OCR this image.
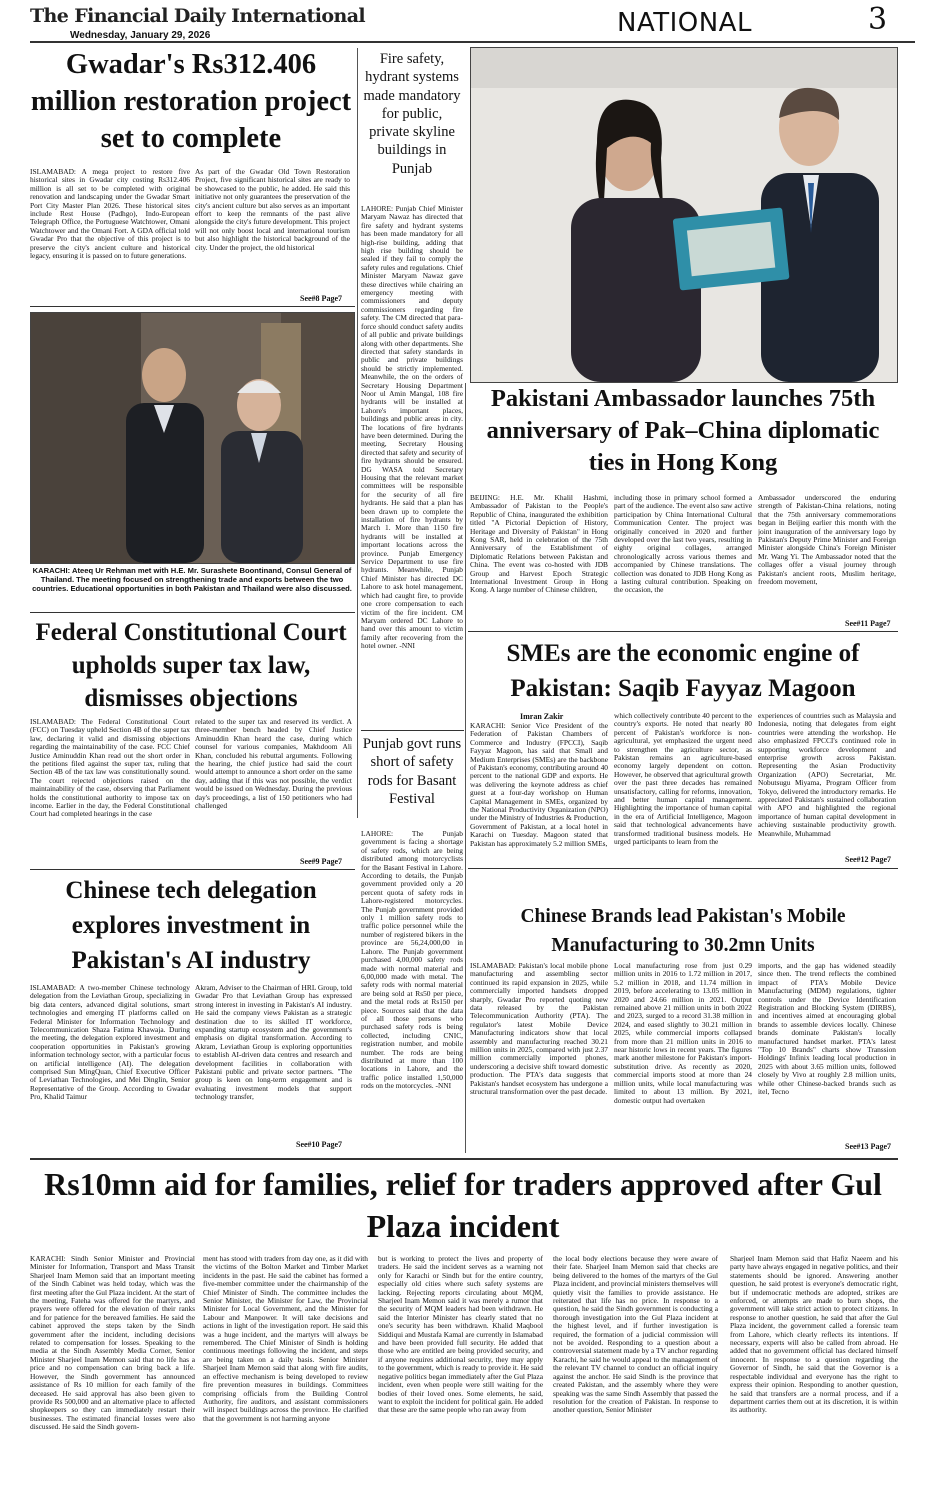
The Financial Daily International
Wednesday, January 29, 2026	NATIONAL	3
Gwadar's Rs312.406 million restoration project set to complete
ISLAMABAD: A mega project to restore five historical sites in Gwadar city costing Rs312.406 million is all set to be completed with original renovation and landscaping under the Gwadar Smart Port City Master Plan 2026. These historical sites include Rest House (Padhgo), Indo-European Telegraph Office, the Portuguese Watchtower, Omani Watchtower and the Omani Fort. A GDA official told Gwadar Pro that the objective of this project is to preserve the city's ancient culture and historical legacy, ensuring it is passed on to future generations.
As part of the Gwadar Old Town Restoration Project, five significant historical sites are ready to be showcased to the public, he added. He said this initiative not only guarantees the preservation of the city's ancient culture but also serves as an important effort to keep the remnants of the past alive alongside the city's future development. This project will not only boost local and international tourism but also highlight the historical background of the city. Under the project, the old historical
See#8 Page7
KARACHI: Ateeq Ur Rehman met with H.E. Mr. Surashete Boontinand, Consul General of Thailand. The meeting focused on strengthening trade and exports between the two countries. Educational opportunities in both Pakistan and Thailand were also discussed.
Fire safety, hydrant systems made mandatory for public, private skyline buildings in Punjab
LAHORE: Punjab Chief Minister Maryam Nawaz has directed that fire safety and hydrant systems has been made mandatory for all high-rise building, adding that high rise building should be sealed if they fail to comply the safety rules and regulations. Chief Minister Maryam Nawaz gave these directives while chairing an emergency meeting with commissioners and deputy commissioners regarding fire safety. The CM directed that para-force should conduct safety audits of all public and private buildings along with other departments. She directed that safety standards in public and private buildings should be strictly implemented. Meanwhile, the on the orders of Secretary Housing Department Noor ul Amin Mangal, 108 fire hydrants will be installed at Lahore's important places, buildings and public areas in city. The locations of fire hydrants have been determined. During the meeting, Secretary Housing directed that safety and security of fire hydrants should be ensured. DG WASA told Secretary Housing that the relevant market committees will be responsible for the security of all fire hydrants. He said that a plan has been drawn up to complete the installation of fire hydrants by March 1. More than 1150 fire hydrants will be installed at important locations across the province. Punjab Emergency Service Department to use fire hydrants. Meanwhile, Punjab Chief Minister has directed DC Lahore to ask hotel management, which had caught fire, to provide one crore compensation to each victim of the fire incident. CM Maryam ordered DC Lahore to hand over this amount to victim family after recovering from the hotel owner. -NNI
Punjab govt runs short of safety rods for Basant Festival
LAHORE: The Punjab government is facing a shortage of safety rods, which are being distributed among motorcyclists for the Basant Festival in Lahore. According to details, the Punjab government provided only a 20 percent quota of safety rods in Lahore-registered motorcycles. The Punjab government provided only 1 million safety rods to traffic police personnel while the number of registered bikers in the province are 56,24,000,00 in Lahore. The Punjab government purchased 4,00,000 safety rods made with normal material and 6,00,000 made with metal. The safety rods with normal material are being sold at Rs50 per piece, and the metal rods at Rs150 per piece. Sources said that the data of all those persons who purchased safety rods is being collected, including CNIC, registration number, and mobile number. The rods are being distributed at more than 100 locations in Lahore, and the traffic police installed 1,50,000 rods on the motorcycles. -NNI
Pakistani Ambassador launches 75th anniversary of Pak–China diplomatic ties in Hong Kong
BEIJING: H.E. Mr. Khalil Hashmi, Ambassador of Pakistan to the People's Republic of China, inaugurated the exhibition titled "A Pictorial Depiction of History, Heritage and Diversity of Pakistan" in Hong Kong SAR, held in celebration of the 75th Anniversary of the Establishment of Diplomatic Relations between Pakistan and China. The event was co-hosted with JDB Group and Harvest Epoch Strategic International Investment Group in Hong Kong. A large number of Chinese children,
including those in primary school formed a part of the audience. The event also saw active participation by China International Cultural Communication Center. The project was originally conceived in 2020 and further developed over the last two years, resulting in eighty original collages, arranged chronologically across various themes and accompanied by Chinese translations. The collection was donated to JDB Hong Kong as a lasting cultural contribution. Speaking on the occasion, the
Ambassador underscored the enduring strength of Pakistan-China relations, noting that the 75th anniversary commemorations began in Beijing earlier this month with the joint inauguration of the anniversary logo by Pakistan's Deputy Prime Minister and Foreign Minister alongside China's Foreign Minister Mr. Wang Yi. The Ambassador noted that the collages offer a visual journey through Pakistan's ancient roots, Muslim heritage, freedom movement,
See#11 Page7
Federal Constitutional Court upholds super tax law, dismisses objections
ISLAMABAD: The Federal Constitutional Court (FCC) on Tuesday upheld Section 4B of the super tax law, declaring it valid and dismissing objections regarding the maintainability of the case. FCC Chief Justice Aminuddin Khan read out the short order in the petitions filed against the super tax, ruling that Section 4B of the tax law was constitutionally sound. The court rejected objections raised on the maintainability of the case, observing that Parliament holds the constitutional authority to impose tax on income. Earlier in the day, the Federal Constitutional Court had completed hearings in the case
related to the super tax and reserved its verdict. A three-member bench headed by Chief Justice Aminuddin Khan heard the case, during which counsel for various companies, Makhdoom Ali Khan, concluded his rebuttal arguments. Following the hearing, the chief justice had said the court would attempt to announce a short order on the same day, adding that if this was not possible, the verdict would be issued on Wednesday. During the previous day's proceedings, a list of 150 petitioners who had challenged
See#9 Page7
SMEs are the economic engine of Pakistan: Saqib Fayyaz Magoon
Imran Zakir
KARACHI: Senior Vice President of the Federation of Pakistan Chambers of Commerce and Industry (FPCCI), Saqib Fayyaz Magoon, has said that Small and Medium Enterprises (SMEs) are the backbone of Pakistan's economy, contributing around 40 percent to the national GDP and exports. He was delivering the keynote address as chief guest at a four-day workshop on Human Capital Management in SMEs, organized by the National Productivity Organization (NPO) under the Ministry of Industries & Production, Government of Pakistan, at a local hotel in Karachi on Tuesday. Magoon stated that Pakistan has approximately 5.2 million SMEs,
which collectively contribute 40 percent to the country's exports. He noted that nearly 80 percent of Pakistan's workforce is non-agricultural, yet emphasized the urgent need to strengthen the agriculture sector, as Pakistan remains an agriculture-based economy largely dependent on cotton. However, he observed that agricultural growth over the past three decades has remained unsatisfactory, calling for reforms, innovation, and better human capital management. Highlighting the importance of human capital in the era of Artificial Intelligence, Magoon said that technological advancements have transformed traditional business models. He urged participants to learn from the
experiences of countries such as Malaysia and Indonesia, noting that delegates from eight countries were attending the workshop. He also emphasized FPCCI's continued role in supporting workforce development and enterprise growth across Pakistan. Representing the Asian Productivity Organization (APO) Secretariat, Mr. Nobutsugu Miyama, Program Officer from Tokyo, delivered the introductory remarks. He appreciated Pakistan's sustained collaboration with APO and highlighted the regional importance of human capital development in achieving sustainable productivity growth. Meanwhile, Muhammad
See#12 Page7
Chinese tech delegation explores investment in Pakistan's AI industry
ISLAMABAD: A two-member Chinese technology delegation from the Leviathan Group, specializing in big data centers, advanced digital solutions, smart technologies and emerging IT platforms called on Federal Minister for Information Technology and Telecommunication Shaza Fatima Khawaja. During the meeting, the delegation explored investment and cooperation opportunities in Pakistan's growing information technology sector, with a particular focus on artificial intelligence (AI). The delegation comprised Sun MingQuan, Chief Executive Officer of Leviathan Technologies, and Mei Dinglin, Senior Representative of the Group. According to Gwadar Pro, Khalid Taimur
Akram, Adviser to the Chairman of HRL Group, told Gwadar Pro that Leviathan Group has expressed strong interest in investing in Pakistan's AI industry. He said the company views Pakistan as a strategic destination due to its skilled IT workforce, expanding startup ecosystem and the government's emphasis on digital transformation. According to Akram, Leviathan Group is exploring opportunities to establish AI-driven data centres and research and development facilities in collaboration with Pakistani public and private sector partners. "The group is keen on long-term engagement and is evaluating investment models that support technology transfer,
See#10 Page7
Chinese Brands lead Pakistan's Mobile Manufacturing to 30.2mn Units
ISLAMABAD: Pakistan's local mobile phone manufacturing and assembling sector continued its rapid expansion in 2025, while commercially imported handsets dropped sharply, Gwadar Pro reported quoting new data released by the Pakistan Telecommunication Authority (PTA). The regulator's latest Mobile Device Manufacturing indicators show that local assembly and manufacturing reached 30.21 million units in 2025, compared with just 2.37 million commercially imported phones, underscoring a decisive shift toward domestic production. The PTA's data suggests that Pakistan's handset ecosystem has undergone a structural transformation over the past decade.
Local manufacturing rose from just 0.29 million units in 2016 to 1.72 million in 2017, 5.2 million in 2018, and 11.74 million in 2019, before accelerating to 13.05 million in 2020 and 24.66 million in 2021. Output remained above 21 million units in both 2022 and 2023, surged to a record 31.38 million in 2024, and eased slightly to 30.21 million in 2025, while commercial imports collapsed from more than 21 million units in 2016 to near historic lows in recent years. The figures mark another milestone for Pakistan's import-substitution drive. As recently as 2020, commercial imports stood at more than 24 million units, while local manufacturing was limited to about 13 million. By 2021, domestic output had overtaken
imports, and the gap has widened steadily since then. The trend reflects the combined impact of PTA's Mobile Device Manufacturing (MDM) regulations, tighter controls under the Device Identification Registration and Blocking System (DIRBS), and incentives aimed at encouraging global brands to assemble devices locally. Chinese brands dominate Pakistan's locally manufactured handset market. PTA's latest "Top 10 Brands" charts show Transsion Holdings' Infinix leading local production in 2025 with about 3.65 million units, followed closely by Vivo at roughly 2.8 million units, while other Chinese-backed brands such as itel, Tecno
See#13 Page7
Rs10mn aid for families, relief for traders approved after Gul Plaza incident
KARACHI: Sindh Senior Minister and Provincial Minister for Information, Transport and Mass Transit Sharjeel Inam Memon said that an important meeting of the Sindh Cabinet was held today, which was the first meeting after the Gul Plaza incident. At the start of the meeting, Fateha was offered for the martyrs, and prayers were offered for the elevation of their ranks and for patience for the bereaved families. He said the cabinet approved the steps taken by the Sindh government after the incident, including decisions related to compensation for losses. Speaking to the media at the Sindh Assembly Media Corner, Senior Minister Sharjeel Inam Memon said that no life has a price and no compensation can bring back a life. However, the Sindh government has announced assistance of Rs 10 million for each family of the deceased. He said approval has also been given to provide Rs 500,000 and an alternative place to affected shopkeepers so they can immediately restart their businesses. The estimated financial losses were also discussed. He said the Sindh govern-
ment has stood with traders from day one, as it did with the victims of the Bolton Market and Timber Market incidents in the past. He said the cabinet has formed a five-member committee under the chairmanship of the Chief Minister of Sindh. The committee includes the Senior Minister, the Minister for Law, the Provincial Minister for Local Government, and the Minister for Labour and Manpower. It will take decisions and actions in light of the investigation report. He said this was a huge incident, and the martyrs will always be remembered. The Chief Minister of Sindh is holding continuous meetings following the incident, and steps are being taken on a daily basis. Senior Minister Sharjeel Inam Memon said that along with fire audits, an effective mechanism is being developed to review fire prevention measures in buildings. Committees comprising officials from the Building Control Authority, fire auditors, and assistant commissioners will inspect buildings across the province. He clarified that the government is not harming anyone
but is working to protect the lives and property of traders. He said the incident serves as a warning not only for Karachi or Sindh but for the entire country, especially old cities where such safety systems are lacking. Rejecting reports circulating about MQM, Sharjeel Inam Memon said it was merely a rumor that the security of MQM leaders had been withdrawn. He said the Interior Minister has clearly stated that no one's security has been withdrawn. Khalid Maqbool Siddiqui and Mustafa Kamal are currently in Islamabad and have been provided full security. He added that those who are entitled are being provided security, and if anyone requires additional security, they may apply to the government, which is ready to provide it. He said negative politics began immediately after the Gul Plaza incident, even when people were still waiting for the bodies of their loved ones. Some elements, he said, want to exploit the incident for political gain. He added that these are the same people who ran away from
the local body elections because they were aware of their fate. Sharjeel Inam Memon said that checks are being delivered to the homes of the martyrs of the Gul Plaza incident, and provincial ministers themselves will quietly visit the families to provide assistance. He reiterated that life has no price. In response to a question, he said the Sindh government is conducting a thorough investigation into the Gul Plaza incident at the highest level, and if further investigation is required, the formation of a judicial commission will not be avoided. Responding to a question about a controversial statement made by a TV anchor regarding Karachi, he said he would appeal to the management of the relevant TV channel to conduct an official inquiry against the anchor. He said Sindh is the province that created Pakistan, and the assembly where they were speaking was the same Sindh Assembly that passed the resolution for the creation of Pakistan. In response to another question, Senior Minister
Sharjeel Inam Memon said that Hafiz Naeem and his party have always engaged in negative politics, and their statements should be ignored. Answering another question, he said protest is everyone's democratic right, but if undemocratic methods are adopted, strikes are enforced, or attempts are made to burn shops, the government will take strict action to protect citizens. In response to another question, he said that after the Gul Plaza incident, the government called a forensic team from Lahore, which clearly reflects its intentions. If necessary, experts will also be called from abroad. He added that no government official has declared himself innocent. In response to a question regarding the Governor of Sindh, he said that the Governor is a respectable individual and everyone has the right to express their opinion. Responding to another question, he said that transfers are a normal process, and if a department carries them out at its discretion, it is within its authority.
